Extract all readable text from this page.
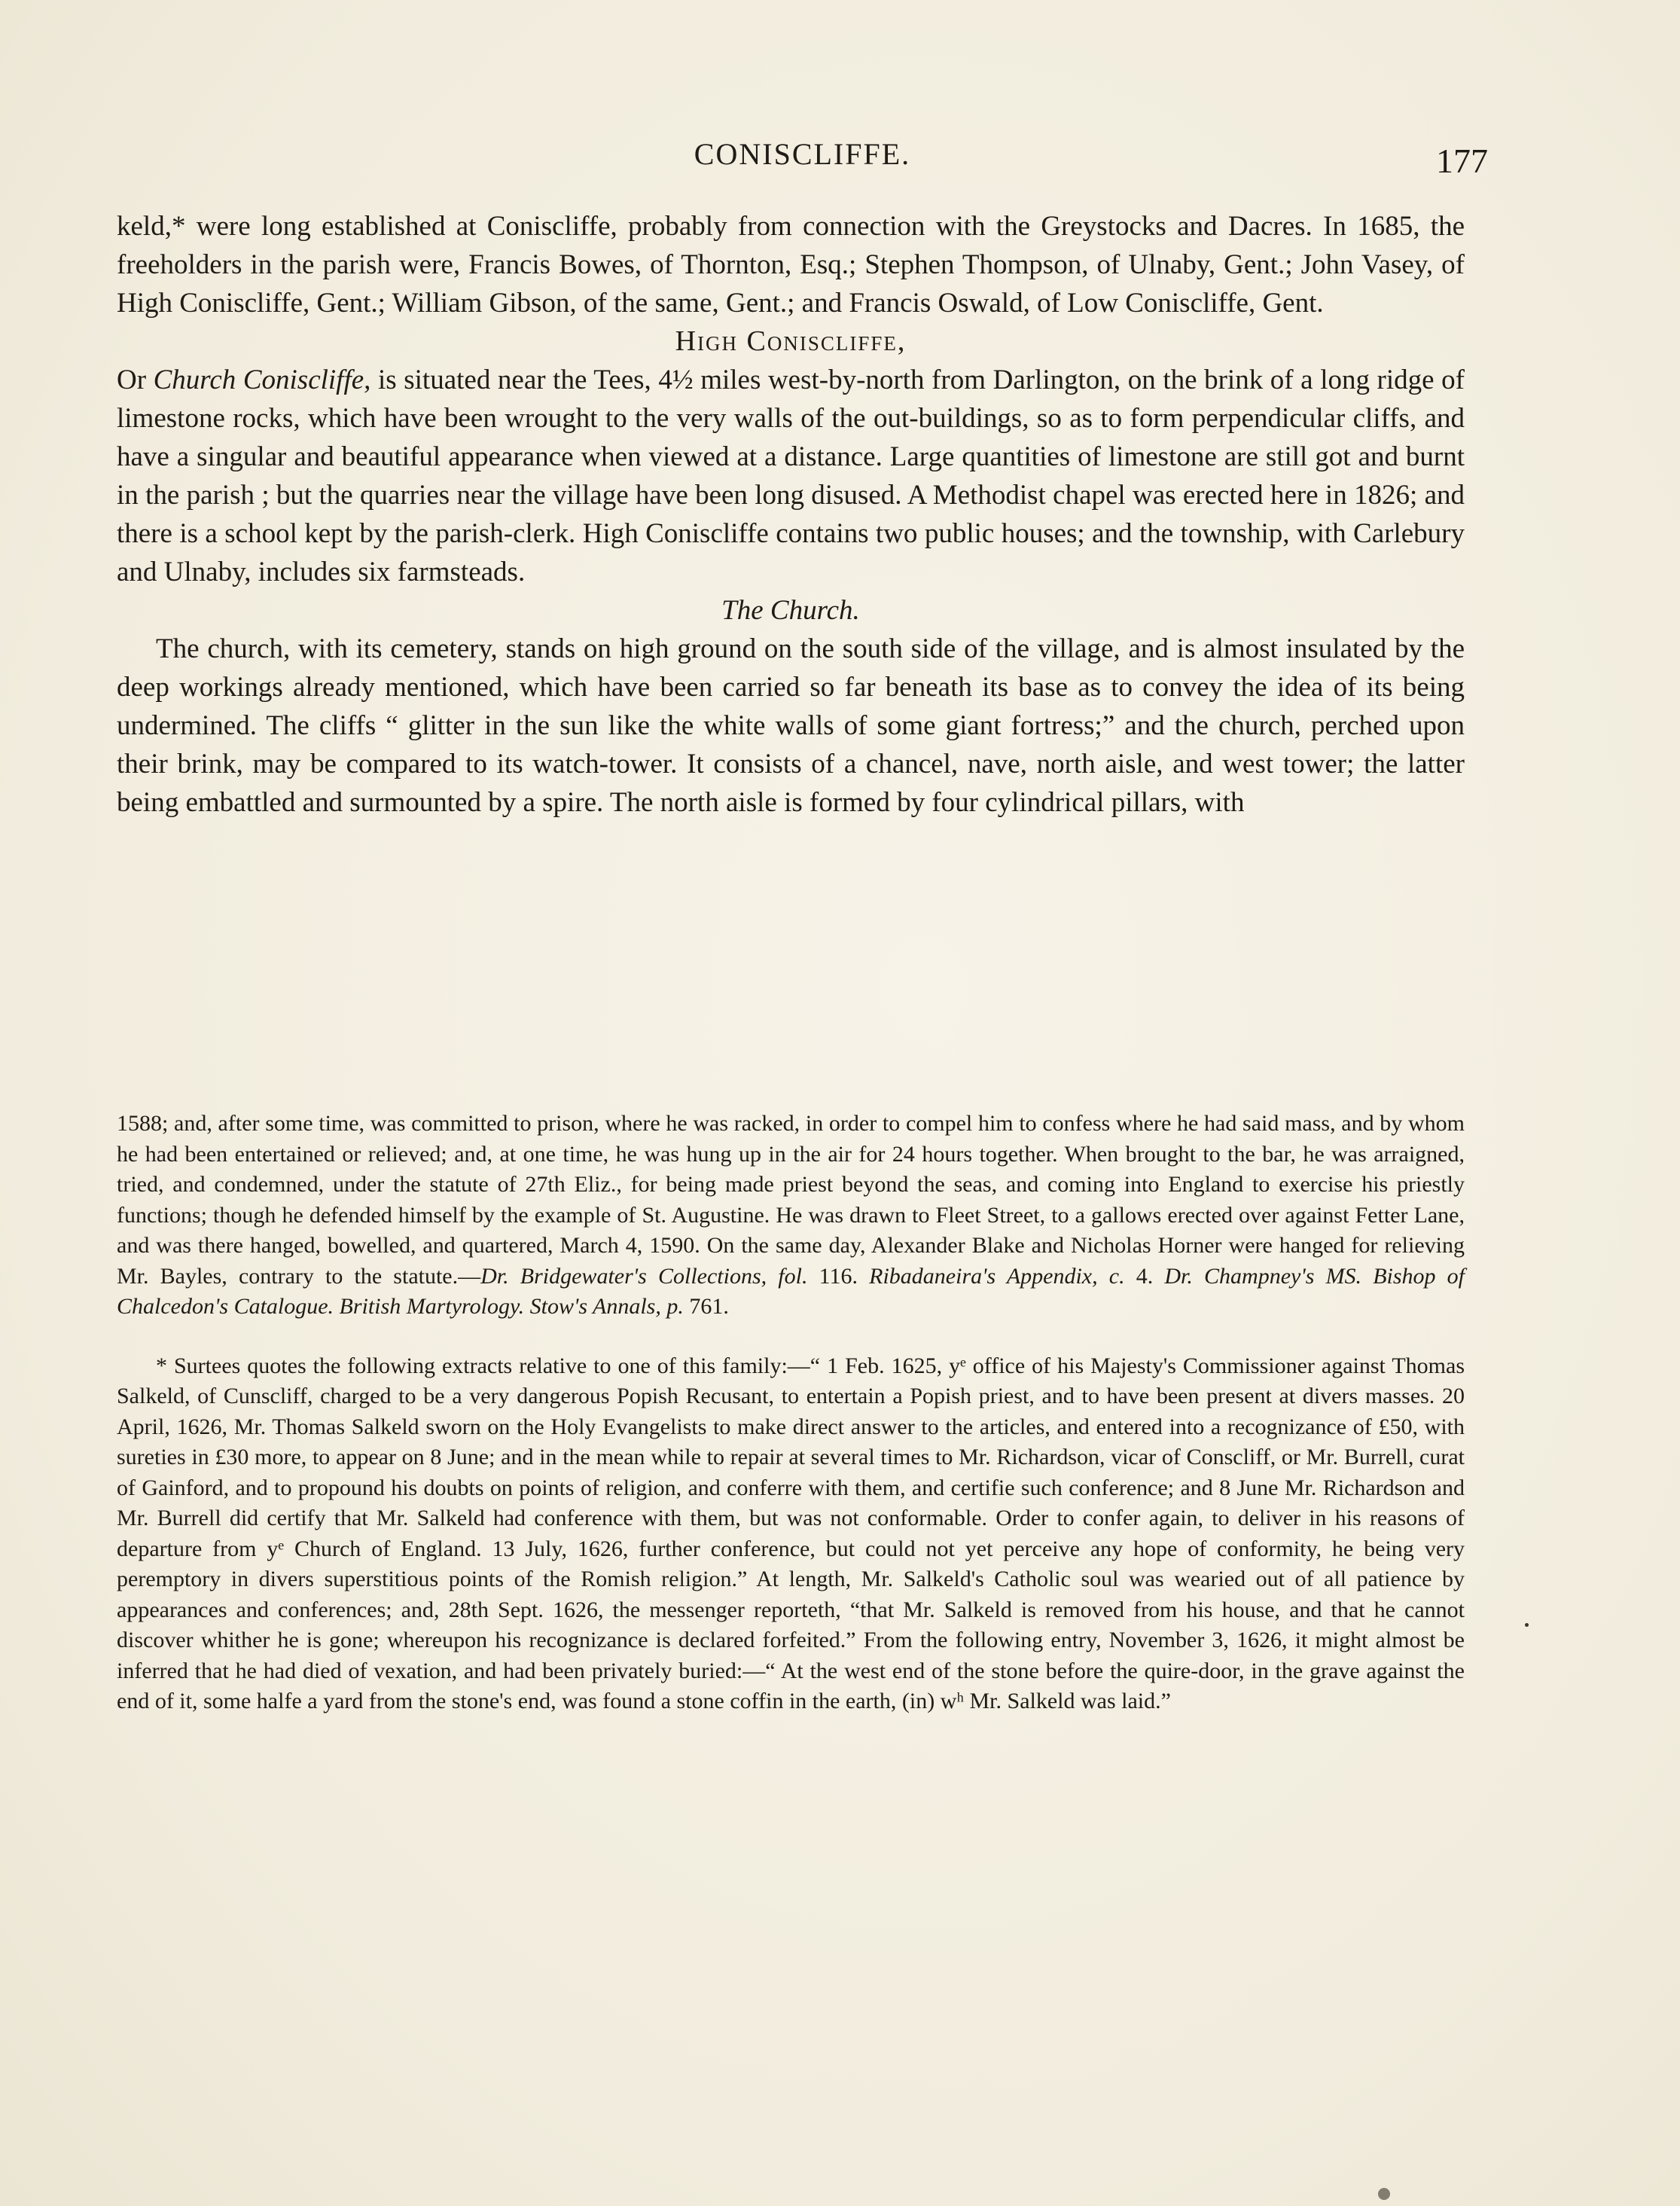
CONISCLIFFE.	177

keld,* were long established at Coniscliffe, probably from connection with the Greystocks and Dacres. In 1685, the freeholders in the parish were, Francis Bowes, of Thornton, Esq.; Stephen Thompson, of Ulnaby, Gent.; John Vasey, of High Coniscliffe, Gent.; William Gibson, of the same, Gent.; and Francis Oswald, of Low Coniscliffe, Gent.

High Coniscliffe,

Or Church Coniscliffe, is situated near the Tees, 4½ miles west-by-north from Darlington, on the brink of a long ridge of limestone rocks, which have been wrought to the very walls of the out-buildings, so as to form perpendicular cliffs, and have a singular and beautiful appearance when viewed at a distance. Large quantities of limestone are still got and burnt in the parish ; but the quarries near the village have been long disused. A Methodist chapel was erected here in 1826; and there is a school kept by the parish-clerk. High Coniscliffe contains two public houses; and the township, with Carlebury and Ulnaby, includes six farmsteads.

The Church.

The church, with its cemetery, stands on high ground on the south side of the village, and is almost insulated by the deep workings already mentioned, which have been carried so far beneath its base as to convey the idea of its being undermined. The cliffs “ glitter in the sun like the white walls of some giant fortress;” and the church, perched upon their brink, may be compared to its watch-tower. It consists of a chancel, nave, north aisle, and west tower; the latter being embattled and surmounted by a spire. The north aisle is formed by four cylindrical pillars, with

1588; and, after some time, was committed to prison, where he was racked, in order to compel him to confess where he had said mass, and by whom he had been entertained or relieved; and, at one time, he was hung up in the air for 24 hours together. When brought to the bar, he was arraigned, tried, and condemned, under the statute of 27th Eliz., for being made priest beyond the seas, and coming into England to exercise his priestly functions; though he defended himself by the example of St. Augustine. He was drawn to Fleet Street, to a gallows erected over against Fetter Lane, and was there hanged, bowelled, and quartered, March 4, 1590. On the same day, Alexander Blake and Nicholas Horner were hanged for relieving Mr. Bayles, contrary to the statute.—Dr. Bridgewater's Collections, fol. 116. Ribadaneira's Appendix, c. 4. Dr. Champney's MS. Bishop of Chalcedon's Catalogue. British Martyrology. Stow's Annals, p. 761.

* Surtees quotes the following extracts relative to one of this family:—“ 1 Feb. 1625, yᵉ office of his Majesty's Commissioner against Thomas Salkeld, of Cunscliff, charged to be a very dangerous Popish Recusant, to entertain a Popish priest, and to have been present at divers masses. 20 April, 1626, Mr. Thomas Salkeld sworn on the Holy Evangelists to make direct answer to the articles, and entered into a recognizance of £50, with sureties in £30 more, to appear on 8 June; and in the mean while to repair at several times to Mr. Richardson, vicar of Conscliff, or Mr. Burrell, curat of Gainford, and to propound his doubts on points of religion, and conferre with them, and certifie such conference; and 8 June Mr. Richardson and Mr. Burrell did certify that Mr. Salkeld had conference with them, but was not conformable. Order to confer again, to deliver in his reasons of departure from yᵉ Church of England. 13 July, 1626, further conference, but could not yet perceive any hope of conformity, he being very peremptory in divers superstitious points of the Romish religion.” At length, Mr. Salkeld's Catholic soul was wearied out of all patience by appearances and conferences; and, 28th Sept. 1626, the messenger reporteth, “that Mr. Salkeld is removed from his house, and that he cannot discover whither he is gone; whereupon his recognizance is declared forfeited.” From the following entry, November 3, 1626, it might almost be inferred that he had died of vexation, and had been privately buried:—“ At the west end of the stone before the quire-door, in the grave against the end of it, some halfe a yard from the stone's end, was found a stone coffin in the earth, (in) wʰ Mr. Salkeld was laid.”
